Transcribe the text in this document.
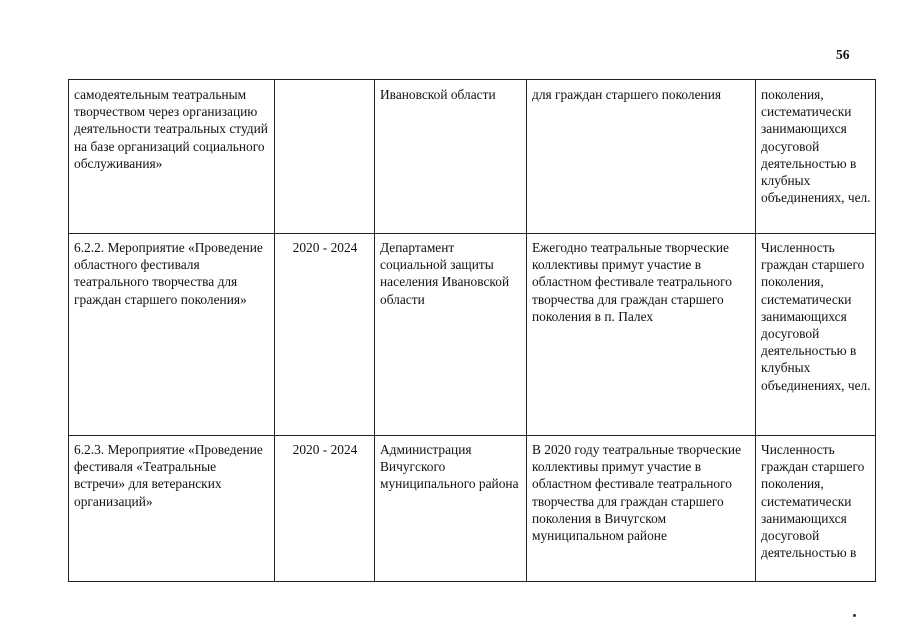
56
самодеятельным театральным творчеством через организацию деятельности театральных студий на базе организаций социального обслуживания»		Ивановской области	для граждан старшего поколения	поколения, систематически занимающихся досуговой деятельностью в клубных объединениях, чел.
6.2.2. Мероприятие «Проведение областного фестиваля театрального творчества для граждан старшего поколения»	2020 - 2024	Департамент социальной защиты населения Ивановской области	Ежегодно театральные творческие коллективы примут участие в областном фестивале театрального творчества для граждан старшего поколения в п. Палех	Численность граждан старшего поколения, систематически занимающихся досуговой деятельностью в клубных объединениях, чел.
6.2.3. Мероприятие «Проведение фестиваля «Театральные встречи» для ветеранских организаций»	2020 - 2024	Администрация Вичугского муниципального района	В 2020 году театральные творческие коллективы примут участие в областном фестивале театрального творчества для граждан старшего поколения в Вичугском муниципальном районе	Численность граждан старшего поколения, систематически занимающихся досуговой деятельностью в
